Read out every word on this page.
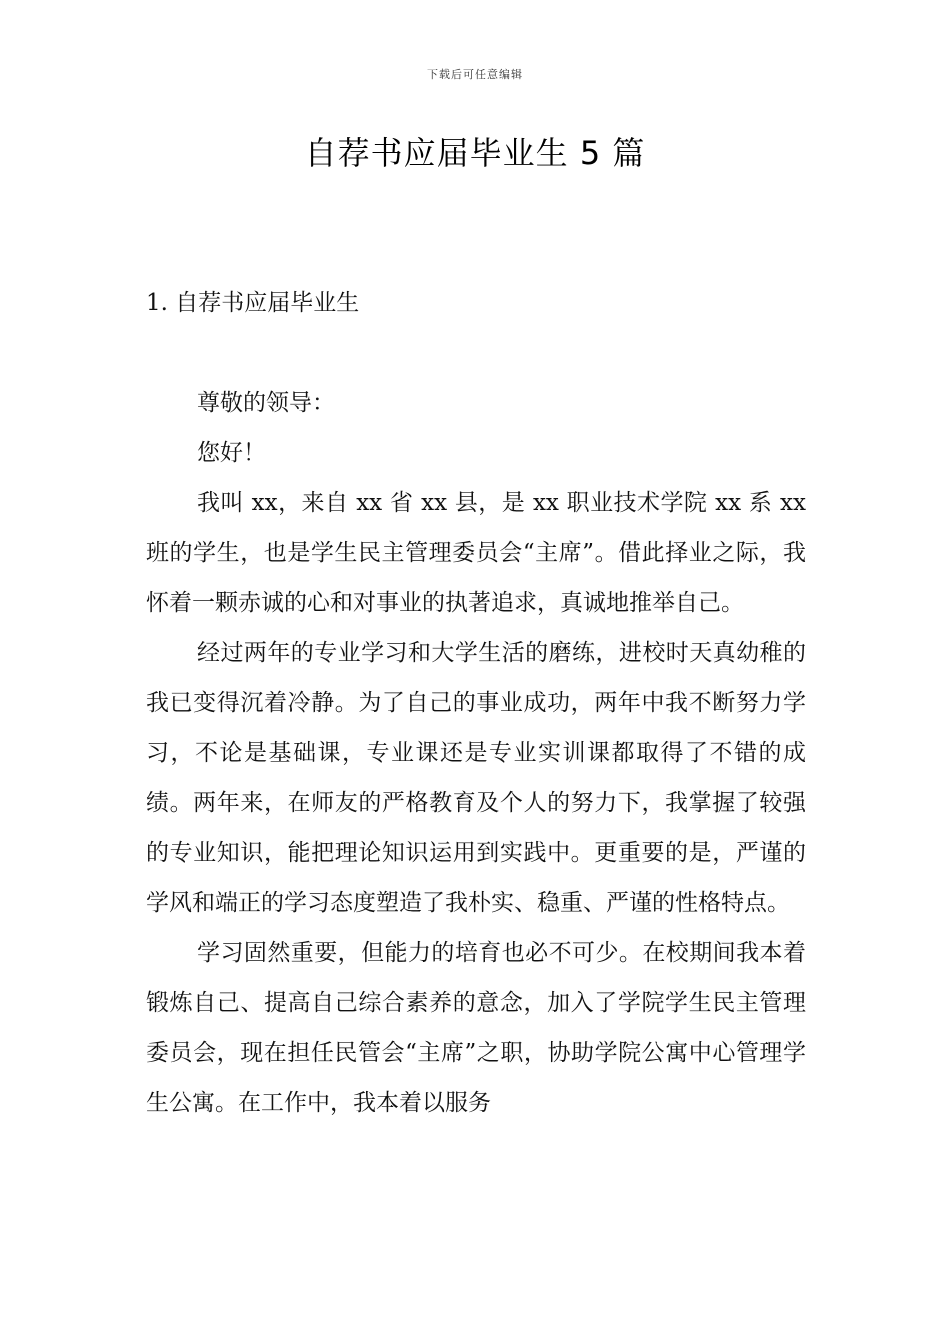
下载后可任意编辑
自荐书应届毕业生 5 篇
1. 自荐书应届毕业生

尊敬的领导：

您好！

我叫 xx，来自 xx 省 xx 县，是 xx 职业技术学院 xx 系 xx 班的学生，也是学生民主管理委员会“主席”。借此择业之际，我怀着一颗赤诚的心和对事业的执著追求，真诚地推举自己。

经过两年的专业学习和大学生活的磨练，进校时天真幼稚的我已变得沉着冷静。为了自己的事业成功，两年中我不断努力学习，不论是基础课，专业课还是专业实训课都取得了不错的成绩。两年来，在师友的严格教育及个人的努力下，我掌握了较强的专业知识，能把理论知识运用到实践中。更重要的是，严谨的学风和端正的学习态度塑造了我朴实、稳重、严谨的性格特点。

学习固然重要，但能力的培育也必不可少。在校期间我本着锻炼自己、提高自己综合素养的意念，加入了学院学生民主管理委员会，现在担任民管会“主席”之职，协助学院公寓中心管理学生公寓。在工作中，我本着以服务
